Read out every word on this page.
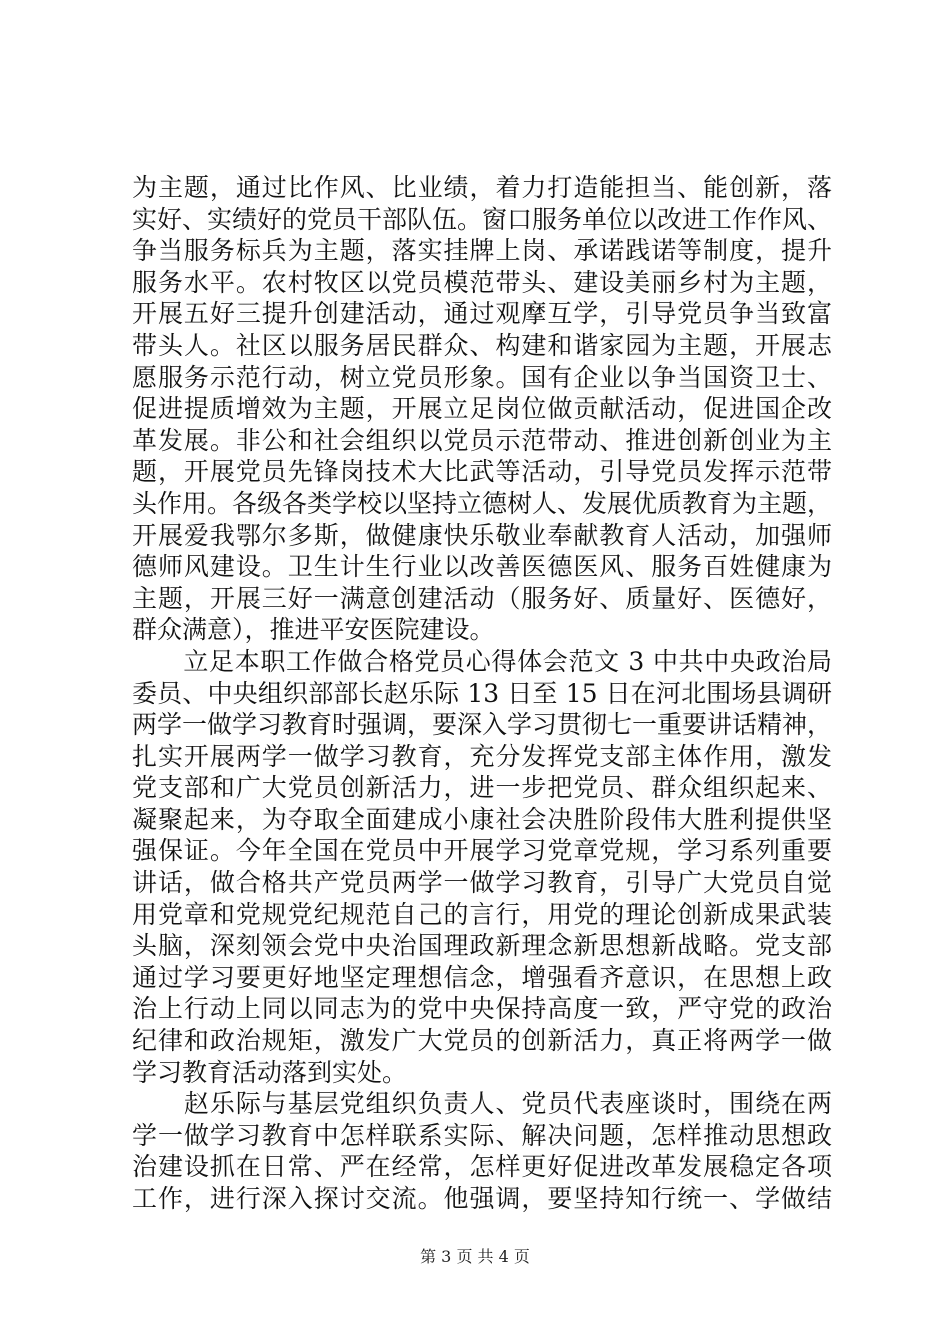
为主题，通过比作风、比业绩，着力打造能担当、能创新，落
实好、实绩好的党员干部队伍。窗口服务单位以改进工作作风、
争当服务标兵为主题，落实挂牌上岗、承诺践诺等制度，提升
服务水平。农村牧区以党员模范带头、建设美丽乡村为主题，
开展五好三提升创建活动，通过观摩互学，引导党员争当致富
带头人。社区以服务居民群众、构建和谐家园为主题，开展志
愿服务示范行动，树立党员形象。国有企业以争当国资卫士、
促进提质增效为主题，开展立足岗位做贡献活动，促进国企改
革发展。非公和社会组织以党员示范带动、推进创新创业为主
题，开展党员先锋岗技术大比武等活动，引导党员发挥示范带
头作用。各级各类学校以坚持立德树人、发展优质教育为主题，
开展爱我鄂尔多斯，做健康快乐敬业奉献教育人活动，加强师
德师风建设。卫生计生行业以改善医德医风、服务百姓健康为
主题，开展三好一满意创建活动（服务好、质量好、医德好，
群众满意），推进平安医院建设。
　　立足本职工作做合格党员心得体会范文 3 中共中央政治局
委员、中央组织部部长赵乐际 13 日至 15 日在河北围场县调研
两学一做学习教育时强调，要深入学习贯彻七一重要讲话精神，
扎实开展两学一做学习教育，充分发挥党支部主体作用，激发
党支部和广大党员创新活力，进一步把党员、群众组织起来、
凝聚起来，为夺取全面建成小康社会决胜阶段伟大胜利提供坚
强保证。今年全国在党员中开展学习党章党规，学习系列重要
讲话，做合格共产党员两学一做学习教育，引导广大党员自觉
用党章和党规党纪规范自己的言行，用党的理论创新成果武装
头脑，深刻领会党中央治国理政新理念新思想新战略。党支部
通过学习要更好地坚定理想信念，增强看齐意识，在思想上政
治上行动上同以同志为的党中央保持高度一致，严守党的政治
纪律和政治规矩，激发广大党员的创新活力，真正将两学一做
学习教育活动落到实处。
　　赵乐际与基层党组织负责人、党员代表座谈时，围绕在两
学一做学习教育中怎样联系实际、解决问题，怎样推动思想政
治建设抓在日常、严在经常，怎样更好促进改革发展稳定各项
工作，进行深入探讨交流。他强调，要坚持知行统一、学做结
第 3 页 共 4 页
